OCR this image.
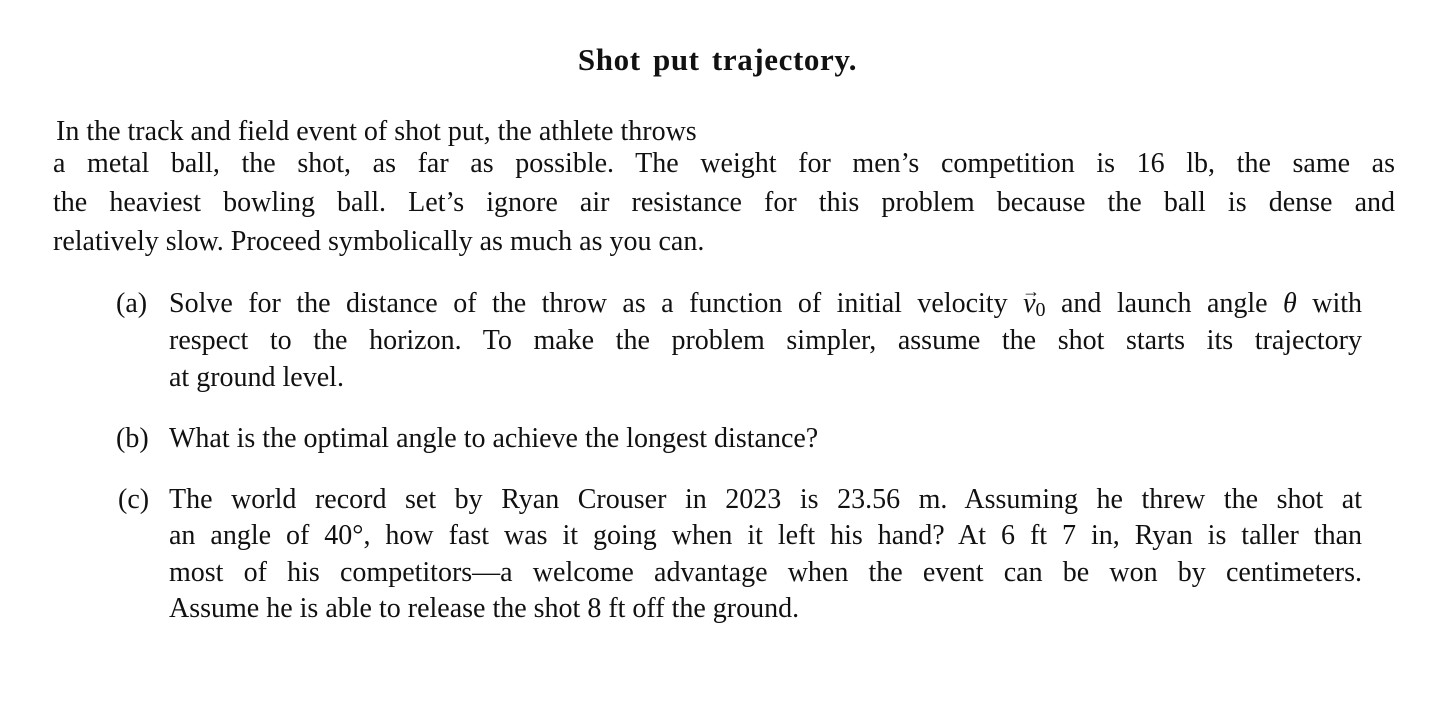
Shot put trajectory.

In the track and field event of shot put, the athlete throws

a metal ball, the shot, as far as possible. The weight for men’s competition is 16 lb, the same as

the heaviest bowling ball. Let’s ignore air resistance for this problem because the ball is dense and

relatively slow. Proceed symbolically as much as you can.

(a) Solve for the distance of the throw as a function of initial velocity → $v_0$ and launch angle θ with

respect to the horizon. To make the problem simpler, assume the shot starts its trajectory

at ground level.

(b) What is the optimal angle to achieve the longest distance?

(c) The world record set by Ryan Crouser in 2023 is 23.56 m. Assuming he threw the shot at

an angle of 40°, how fast was it going when it left his hand? At 6 ft 7 in, Ryan is taller than

most of his competitors—a welcome advantage when the event can be won by centimeters.

Assume he is able to release the shot 8 ft off the ground.
